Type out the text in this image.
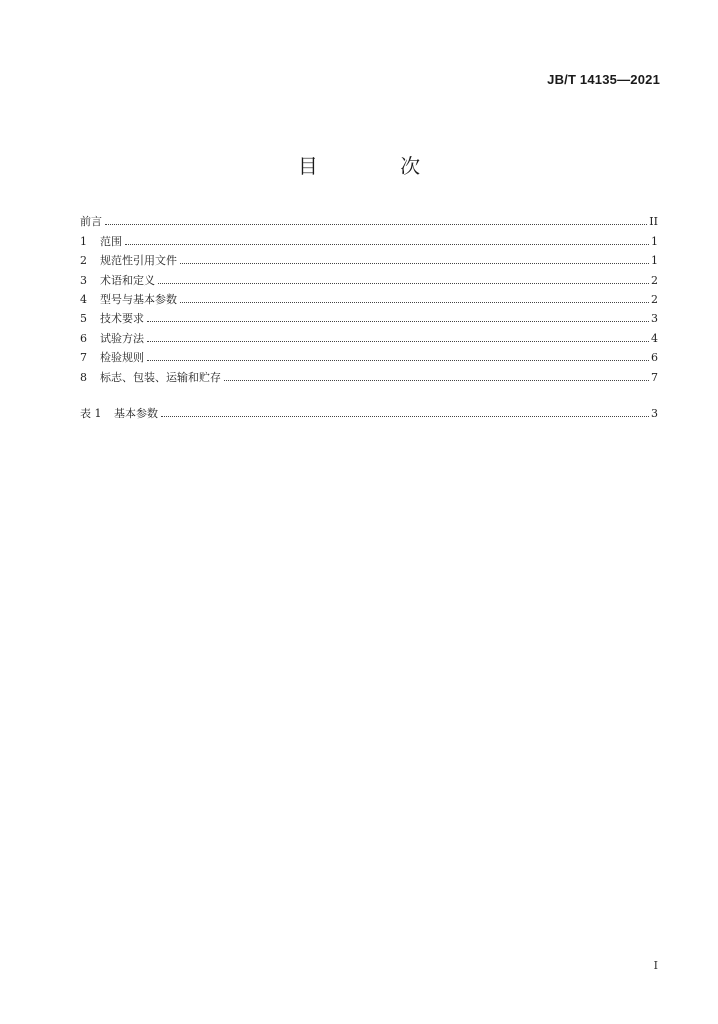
JB/T 14135—2021
目 次
前言	II
1	范围	1
2	规范性引用文件	1
3	术语和定义	2
4	型号与基本参数	2
5	技术要求	3
6	试验方法	4
7	检验规则	6
8	标志、包装、运输和贮存	7
表 1	基本参数	3
I
